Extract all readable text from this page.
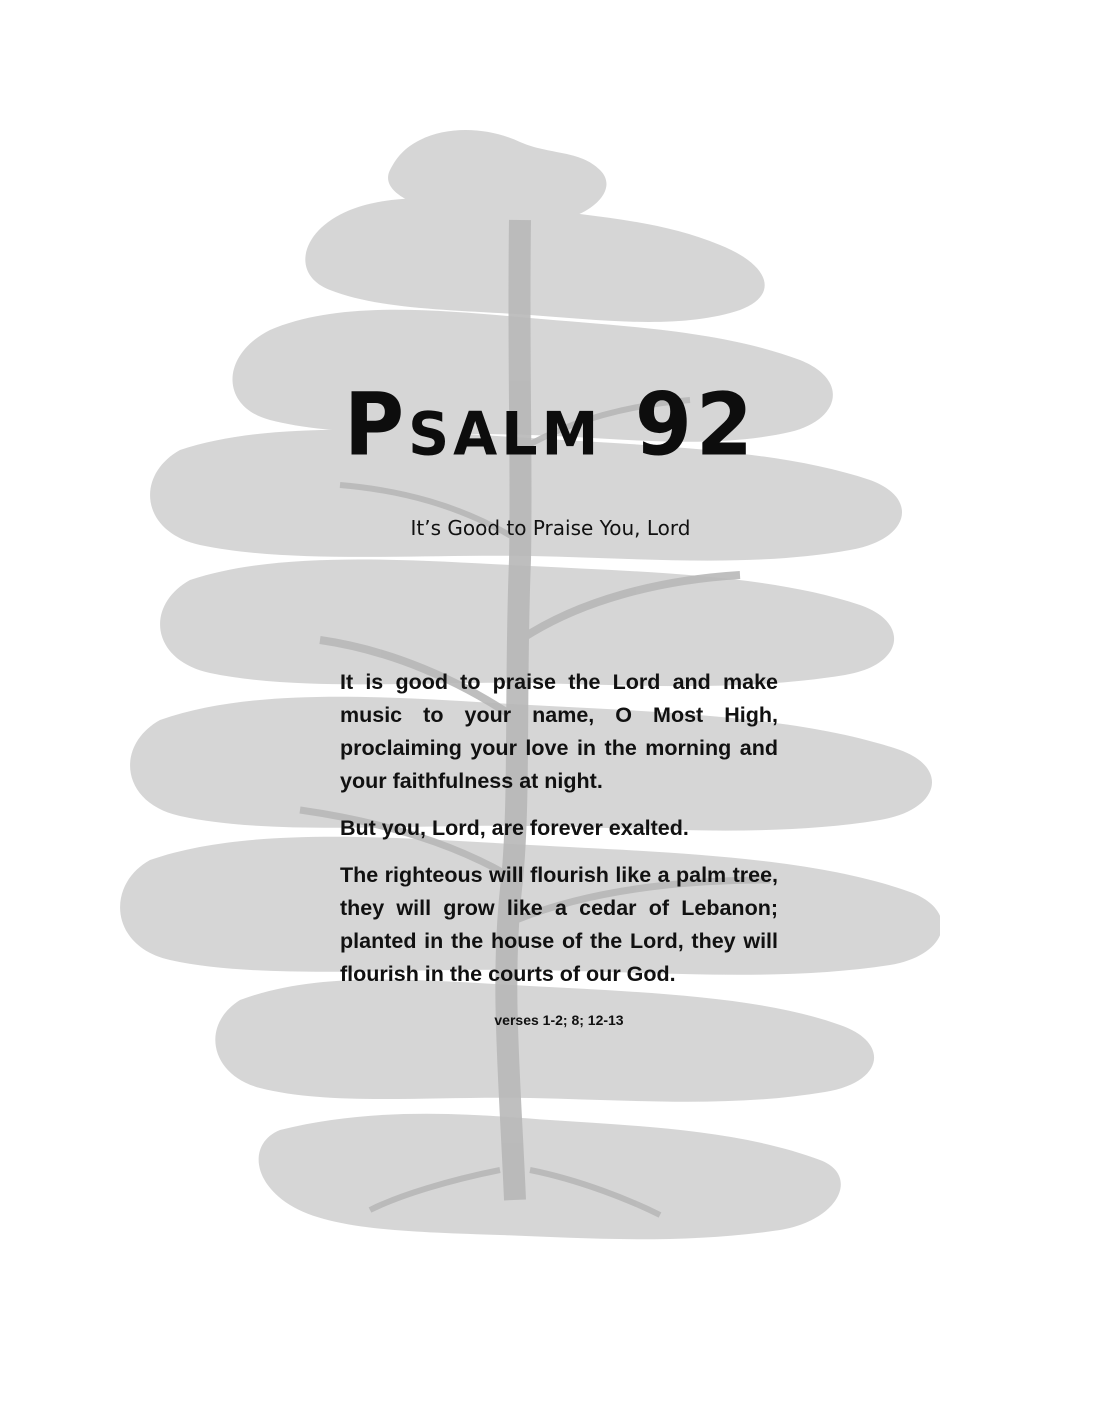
Psalm 92
It’s Good to Praise You, Lord

It is good to praise the Lord and make music to your name, O Most High, proclaiming your love in the morning and your faithfulness at night.

But you, Lord, are forever exalted.

The righteous will flourish like a palm tree, they will grow like a cedar of Lebanon; planted in the house of the Lord, they will flourish in the courts of our God.

verses 1-2; 8; 12-13
